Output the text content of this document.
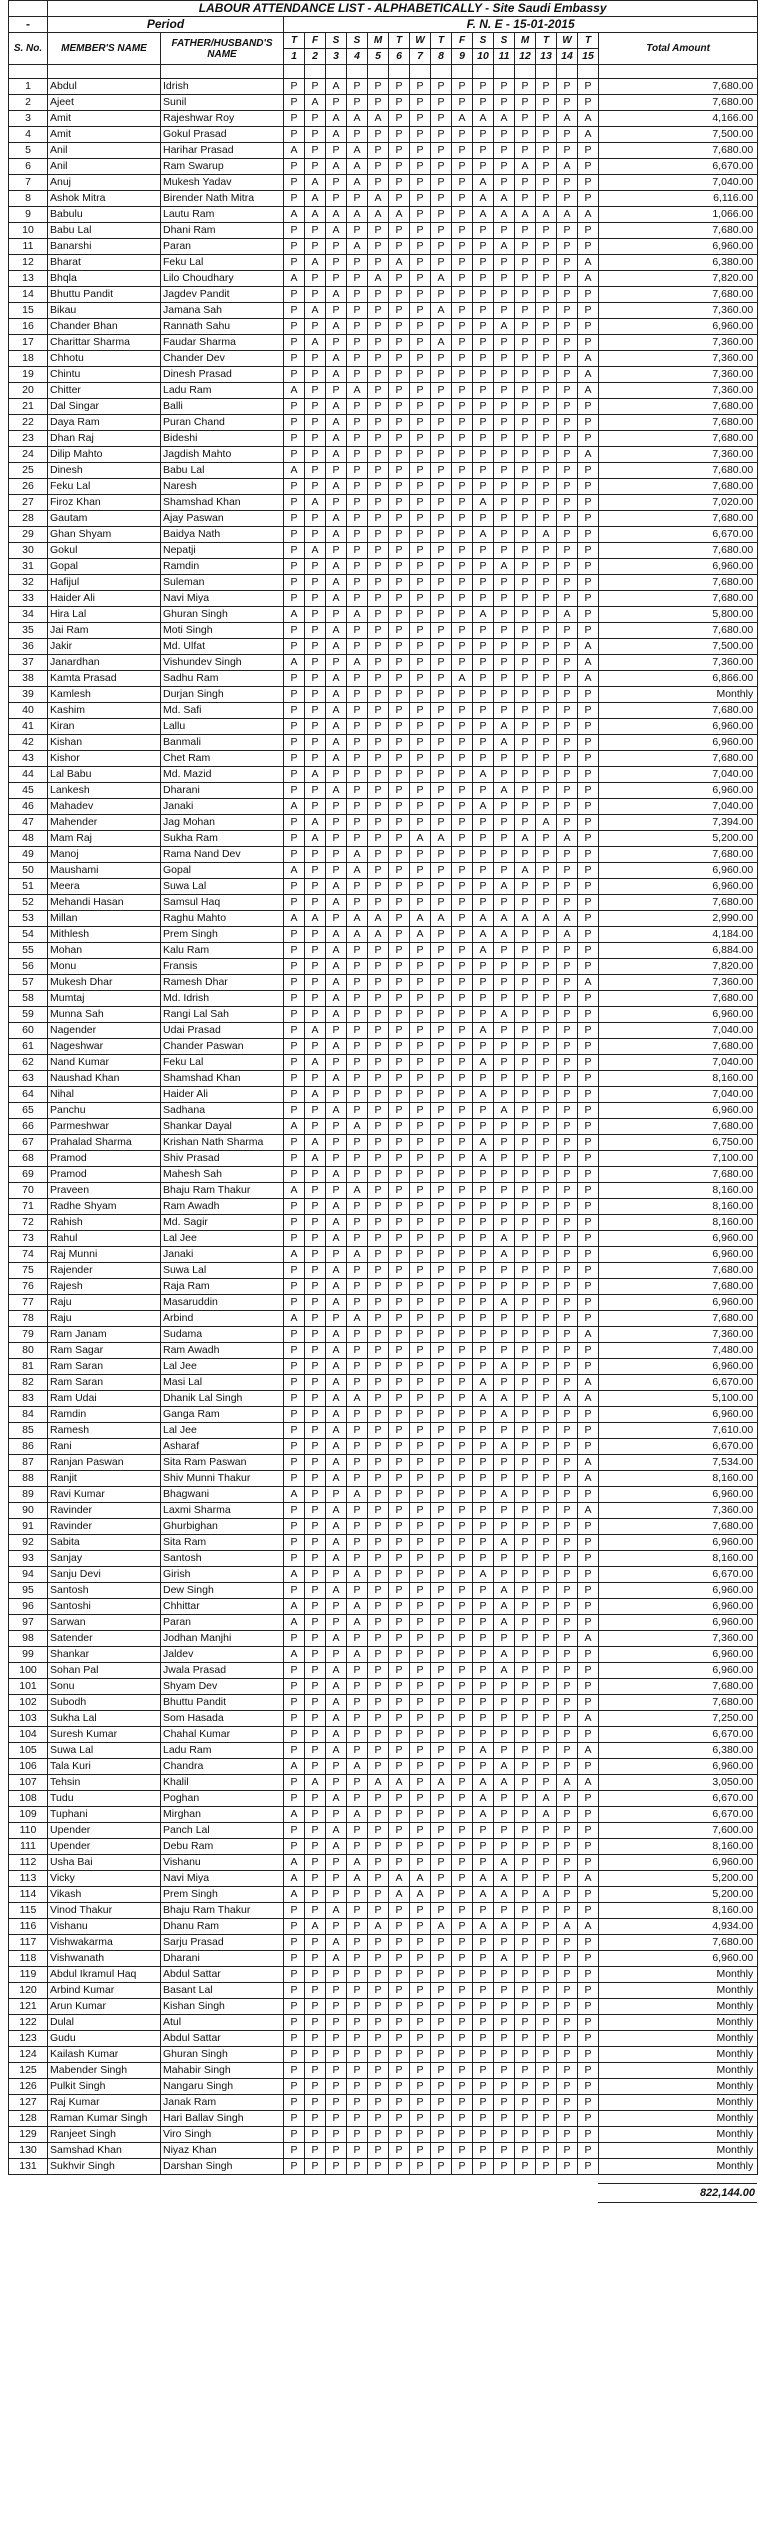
	LABOUR ATTENDANCE LIST - ALPHABETICALLY - Site Saudi Embassy																	
-	Period		F. N. E - 15-01-2015															
S. No.	MEMBER'S NAME	FATHER/HUSBAND'S NAME	T	F	S	S	M	T	W	T	F	S	S	M	T	W	T	Total Amount
			1	2	3	4	5	6	7	8	9	10	11	12	13	14	15	

1	Abdul	Idrish	P	P	A	P	P	P	P	P	P	P	P	P	P	P	P	7,680.00
2	Ajeet	Sunil	P	A	P	P	P	P	P	P	P	P	P	P	P	P	P	7,680.00
3	Amit	Rajeshwar Roy	P	P	A	A	A	P	P	P	A	A	A	P	P	A	A	4,166.00
4	Amit	Gokul Prasad	P	P	A	P	P	P	P	P	P	P	P	P	P	P	A	7,500.00
5	Anil	Harihar Prasad	A	P	P	A	P	P	P	P	P	P	P	P	P	P	P	7,680.00
6	Anil	Ram Swarup	P	P	A	A	P	P	P	P	P	P	P	A	P	A	P	6,670.00
7	Anuj	Mukesh Yadav	P	A	P	A	P	P	P	P	P	A	P	P	P	P	P	7,040.00
8	Ashok Mitra	Birender Nath Mitra	P	A	P	P	A	P	P	P	P	A	A	P	P	P	P	6,116.00
9	Babulu	Lautu Ram	A	A	A	A	A	A	P	P	P	A	A	A	A	A	A	1,066.00
10	Babu Lal	Dhani Ram	P	P	A	P	P	P	P	P	P	P	P	P	P	P	P	7,680.00
11	Banarshi	Paran	P	P	P	A	P	P	P	P	P	P	A	P	P	P	P	6,960.00
12	Bharat	Feku Lal	P	A	P	P	P	A	P	P	P	P	P	P	P	P	A	6,380.00
13	Bhqla	Lilo Choudhary	A	P	P	P	A	P	P	A	P	P	P	P	P	P	A	7,820.00
14	Bhuttu Pandit	Jagdev Pandit	P	P	A	P	P	P	P	P	P	P	P	P	P	P	P	7,680.00
15	Bikau	Jamana Sah	P	A	P	P	P	P	P	A	P	P	P	P	P	P	P	7,360.00
16	Chander Bhan	Rannath Sahu	P	P	A	P	P	P	P	P	P	P	A	P	P	P	P	6,960.00
17	Charittar Sharma	Faudar Sharma	P	A	P	P	P	P	P	A	P	P	P	P	P	P	P	7,360.00
18	Chhotu	Chander Dev	P	P	A	P	P	P	P	P	P	P	P	P	P	P	A	7,360.00
19	Chintu	Dinesh Prasad	P	P	A	P	P	P	P	P	P	P	P	P	P	P	A	7,360.00
20	Chitter	Ladu Ram	A	P	P	A	P	P	P	P	P	P	P	P	P	P	A	7,360.00
21	Dal Singar	Balli	P	P	A	P	P	P	P	P	P	P	P	P	P	P	P	7,680.00
22	Daya Ram	Puran Chand	P	P	A	P	P	P	P	P	P	P	P	P	P	P	P	7,680.00
23	Dhan Raj	Bideshi	P	P	A	P	P	P	P	P	P	P	P	P	P	P	P	7,680.00
24	Dilip Mahto	Jagdish Mahto	P	P	A	P	P	P	P	P	P	P	P	P	P	P	A	7,360.00
25	Dinesh	Babu Lal	A	P	P	P	P	P	P	P	P	P	P	P	P	P	P	7,680.00
26	Feku Lal	Naresh	P	P	A	P	P	P	P	P	P	P	P	P	P	P	P	7,680.00
27	Firoz Khan	Shamshad Khan	P	A	P	P	P	P	P	P	P	A	P	P	P	P	P	7,020.00
28	Gautam	Ajay Paswan	P	P	A	P	P	P	P	P	P	P	P	P	P	P	P	7,680.00
29	Ghan Shyam	Baidya Nath	P	P	A	P	P	P	P	P	P	A	P	P	A	P	P	6,670.00
30	Gokul	Nepatji	P	A	P	P	P	P	P	P	P	P	P	P	P	P	P	7,680.00
31	Gopal	Ramdin	P	P	A	P	P	P	P	P	P	P	A	P	P	P	P	6,960.00
32	Hafijul	Suleman	P	P	A	P	P	P	P	P	P	P	P	P	P	P	P	7,680.00
33	Haider Ali	Navi Miya	P	P	A	P	P	P	P	P	P	P	P	P	P	P	P	7,680.00
34	Hira Lal	Ghuran Singh	A	P	P	A	P	P	P	P	P	A	P	P	P	A	P	5,800.00
35	Jai Ram	Moti Singh	P	P	A	P	P	P	P	P	P	P	P	P	P	P	P	7,680.00
36	Jakir	Md. Ulfat	P	P	A	P	P	P	P	P	P	P	P	P	P	P	A	7,500.00
37	Janardhan	Vishundev Singh	A	P	P	A	P	P	P	P	P	P	P	P	P	P	A	7,360.00
38	Kamta Prasad	Sadhu Ram	P	P	A	P	P	P	P	P	A	P	P	P	P	P	A	6,866.00
39	Kamlesh	Durjan Singh	P	P	A	P	P	P	P	P	P	P	P	P	P	P	P	Monthly
40	Kashim	Md. Safi	P	P	A	P	P	P	P	P	P	P	P	P	P	P	P	7,680.00
41	Kiran	Lallu	P	P	A	P	P	P	P	P	P	P	A	P	P	P	P	6,960.00
42	Kishan	Banmali	P	P	A	P	P	P	P	P	P	P	A	P	P	P	P	6,960.00
43	Kishor	Chet Ram	P	P	A	P	P	P	P	P	P	P	P	P	P	P	P	7,680.00
44	Lal Babu	Md. Mazid	P	A	P	P	P	P	P	P	P	A	P	P	P	P	P	7,040.00
45	Lankesh	Dharani	P	P	A	P	P	P	P	P	P	P	A	P	P	P	P	6,960.00
46	Mahadev	Janaki	A	P	P	P	P	P	P	P	P	A	P	P	P	P	P	7,040.00
47	Mahender	Jag Mohan	P	A	P	P	P	P	P	P	P	P	P	P	A	P	P	7,394.00
48	Mam Raj	Sukha Ram	P	A	P	P	P	P	A	A	P	P	P	A	P	A	P	5,200.00
49	Manoj	Rama Nand Dev	P	P	P	A	P	P	P	P	P	P	P	P	P	P	P	7,680.00
50	Maushami	Gopal	A	P	P	A	P	P	P	P	P	P	P	A	P	P	P	6,960.00
51	Meera	Suwa Lal	P	P	A	P	P	P	P	P	P	P	A	P	P	P	P	6,960.00
52	Mehandi Hasan	Samsul Haq	P	P	A	P	P	P	P	P	P	P	P	P	P	P	P	7,680.00
53	Millan	Raghu Mahto	A	A	P	A	A	P	A	A	P	A	A	A	A	A	P	2,990.00
54	Mithlesh	Prem Singh	P	P	A	A	A	P	A	P	P	A	A	P	P	A	P	4,184.00
55	Mohan	Kalu Ram	P	P	A	P	P	P	P	P	P	A	P	P	P	P	P	6,884.00
56	Monu	Fransis	P	P	A	P	P	P	P	P	P	P	P	P	P	P	P	7,820.00
57	Mukesh Dhar	Ramesh Dhar	P	P	A	P	P	P	P	P	P	P	P	P	P	P	A	7,360.00
58	Mumtaj	Md. Idrish	P	P	A	P	P	P	P	P	P	P	P	P	P	P	P	7,680.00
59	Munna Sah	Rangi Lal Sah	P	P	A	P	P	P	P	P	P	P	A	P	P	P	P	6,960.00
60	Nagender	Udai Prasad	P	A	P	P	P	P	P	P	P	A	P	P	P	P	P	7,040.00
61	Nageshwar	Chander Paswan	P	P	A	P	P	P	P	P	P	P	P	P	P	P	P	7,680.00
62	Nand Kumar	Feku Lal	P	A	P	P	P	P	P	P	P	A	P	P	P	P	P	7,040.00
63	Naushad Khan	Shamshad Khan	P	P	A	P	P	P	P	P	P	P	P	P	P	P	P	8,160.00
64	Nihal	Haider Ali	P	A	P	P	P	P	P	P	P	A	P	P	P	P	P	7,040.00
65	Panchu	Sadhana	P	P	A	P	P	P	P	P	P	P	A	P	P	P	P	6,960.00
66	Parmeshwar	Shankar Dayal	A	P	P	A	P	P	P	P	P	P	P	P	P	P	P	7,680.00
67	Prahalad Sharma	Krishan Nath Sharma	P	A	P	P	P	P	P	P	P	A	P	P	P	P	P	6,750.00
68	Pramod	Shiv Prasad	P	A	P	P	P	P	P	P	P	A	P	P	P	P	P	7,100.00
69	Pramod	Mahesh Sah	P	P	A	P	P	P	P	P	P	P	P	P	P	P	P	7,680.00
70	Praveen	Bhaju Ram Thakur	A	P	P	A	P	P	P	P	P	P	P	P	P	P	P	8,160.00
71	Radhe Shyam	Ram Awadh	P	P	A	P	P	P	P	P	P	P	P	P	P	P	P	8,160.00
72	Rahish	Md. Sagir	P	P	A	P	P	P	P	P	P	P	P	P	P	P	P	8,160.00
73	Rahul	Lal Jee	P	P	A	P	P	P	P	P	P	P	A	P	P	P	P	6,960.00
74	Raj Munni	Janaki	A	P	P	A	P	P	P	P	P	P	A	P	P	P	P	6,960.00
75	Rajender	Suwa Lal	P	P	A	P	P	P	P	P	P	P	P	P	P	P	P	7,680.00
76	Rajesh	Raja Ram	P	P	A	P	P	P	P	P	P	P	P	P	P	P	P	7,680.00
77	Raju	Masaruddin	P	P	A	P	P	P	P	P	P	P	A	P	P	P	P	6,960.00
78	Raju	Arbind	A	P	P	A	P	P	P	P	P	P	P	P	P	P	P	7,680.00
79	Ram Janam	Sudama	P	P	A	P	P	P	P	P	P	P	P	P	P	P	A	7,360.00
80	Ram Sagar	Ram Awadh	P	P	A	P	P	P	P	P	P	P	P	P	P	P	P	7,480.00
81	Ram Saran	Lal Jee	P	P	A	P	P	P	P	P	P	P	A	P	P	P	P	6,960.00
82	Ram Saran	Masi Lal	P	P	A	P	P	P	P	P	P	A	P	P	P	P	A	6,670.00
83	Ram Udai	Dhanik Lal Singh	P	P	A	A	P	P	P	P	P	A	A	P	P	A	A	5,100.00
84	Ramdin	Ganga Ram	P	P	A	P	P	P	P	P	P	P	A	P	P	P	P	6,960.00
85	Ramesh	Lal Jee	P	P	A	P	P	P	P	P	P	P	P	P	P	P	P	7,610.00
86	Rani	Asharaf	P	P	A	P	P	P	P	P	P	P	A	P	P	P	P	6,670.00
87	Ranjan Paswan	Sita Ram Paswan	P	P	A	P	P	P	P	P	P	P	P	P	P	P	A	7,534.00
88	Ranjit	Shiv Munni Thakur	P	P	A	P	P	P	P	P	P	P	P	P	P	P	A	8,160.00
89	Ravi Kumar	Bhagwani	A	P	P	A	P	P	P	P	P	P	A	P	P	P	P	6,960.00
90	Ravinder	Laxmi Sharma	P	P	A	P	P	P	P	P	P	P	P	P	P	P	A	7,360.00
91	Ravinder	Ghurbighan	P	P	A	P	P	P	P	P	P	P	P	P	P	P	P	7,680.00
92	Sabita	Sita Ram	P	P	A	P	P	P	P	P	P	P	A	P	P	P	P	6,960.00
93	Sanjay	Santosh	P	P	A	P	P	P	P	P	P	P	P	P	P	P	P	8,160.00
94	Sanju Devi	Girish	A	P	P	A	P	P	P	P	P	A	P	P	P	P	P	6,670.00
95	Santosh	Dew Singh	P	P	A	P	P	P	P	P	P	P	A	P	P	P	P	6,960.00
96	Santoshi	Chhittar	A	P	P	A	P	P	P	P	P	P	A	P	P	P	P	6,960.00
97	Sarwan	Paran	A	P	P	A	P	P	P	P	P	P	A	P	P	P	P	6,960.00
98	Satender	Jodhan Manjhi	P	P	A	P	P	P	P	P	P	P	P	P	P	P	A	7,360.00
99	Shankar	Jaldev	A	P	P	A	P	P	P	P	P	P	A	P	P	P	P	6,960.00
100	Sohan Pal	Jwala Prasad	P	P	A	P	P	P	P	P	P	P	A	P	P	P	P	6,960.00
101	Sonu	Shyam Dev	P	P	A	P	P	P	P	P	P	P	P	P	P	P	P	7,680.00
102	Subodh	Bhuttu Pandit	P	P	A	P	P	P	P	P	P	P	P	P	P	P	P	7,680.00
103	Sukha Lal	Som Hasada	P	P	A	P	P	P	P	P	P	P	P	P	P	P	A	7,250.00
104	Suresh Kumar	Chahal Kumar	P	P	A	P	P	P	P	P	P	P	P	P	P	P	P	6,670.00
105	Suwa Lal	Ladu Ram	P	P	A	P	P	P	P	P	P	A	P	P	P	P	A	6,380.00
106	Tala Kuri	Chandra	A	P	P	A	P	P	P	P	P	P	A	P	P	P	P	6,960.00
107	Tehsin	Khalil	P	A	P	P	A	A	P	A	P	A	A	P	P	A	A	3,050.00
108	Tudu	Poghan	P	P	A	P	P	P	P	P	P	A	P	P	A	P	P	6,670.00
109	Tuphani	Mirghan	A	P	P	A	P	P	P	P	P	A	P	P	A	P	P	6,670.00
110	Upender	Panch Lal	P	P	A	P	P	P	P	P	P	P	P	P	P	P	P	7,600.00
111	Upender	Debu Ram	P	P	A	P	P	P	P	P	P	P	P	P	P	P	P	8,160.00
112	Usha Bai	Vishanu	A	P	P	A	P	P	P	P	P	P	A	P	P	P	P	6,960.00
113	Vicky	Navi Miya	A	P	P	A	P	A	A	P	P	A	A	P	P	P	A	5,200.00
114	Vikash	Prem Singh	A	P	P	P	P	A	A	P	P	A	A	P	A	P	P	5,200.00
115	Vinod Thakur	Bhaju Ram Thakur	P	P	A	P	P	P	P	P	P	P	P	P	P	P	P	8,160.00
116	Vishanu	Dhanu Ram	P	A	P	P	A	P	P	A	P	A	A	P	P	A	A	4,934.00
117	Vishwakarma	Sarju Prasad	P	P	A	P	P	P	P	P	P	P	P	P	P	P	P	7,680.00
118	Vishwanath	Dharani	P	P	A	P	P	P	P	P	P	P	A	P	P	P	P	6,960.00
119	Abdul Ikramul Haq	Abdul Sattar	P	P	P	P	P	P	P	P	P	P	P	P	P	P	P	Monthly
120	Arbind Kumar	Basant Lal	P	P	P	P	P	P	P	P	P	P	P	P	P	P	P	Monthly
121	Arun Kumar	Kishan Singh	P	P	P	P	P	P	P	P	P	P	P	P	P	P	P	Monthly
122	Dulal	Atul	P	P	P	P	P	P	P	P	P	P	P	P	P	P	P	Monthly
123	Gudu	Abdul Sattar	P	P	P	P	P	P	P	P	P	P	P	P	P	P	P	Monthly
124	Kailash Kumar	Ghuran Singh	P	P	P	P	P	P	P	P	P	P	P	P	P	P	P	Monthly
125	Mabender Singh	Mahabir Singh	P	P	P	P	P	P	P	P	P	P	P	P	P	P	P	Monthly
126	Pulkit Singh	Nangaru Singh	P	P	P	P	P	P	P	P	P	P	P	P	P	P	P	Monthly
127	Raj Kumar	Janak Ram	P	P	P	P	P	P	P	P	P	P	P	P	P	P	P	Monthly
128	Raman Kumar Singh	Hari Ballav Singh	P	P	P	P	P	P	P	P	P	P	P	P	P	P	P	Monthly
129	Ranjeet Singh	Viro Singh	P	P	P	P	P	P	P	P	P	P	P	P	P	P	P	Monthly
130	Samshad Khan	Niyaz Khan	P	P	P	P	P	P	P	P	P	P	P	P	P	P	P	Monthly
131	Sukhvir Singh	Darshan Singh	P	P	P	P	P	P	P	P	P	P	P	P	P	P	P	Monthly
	822,144.00
